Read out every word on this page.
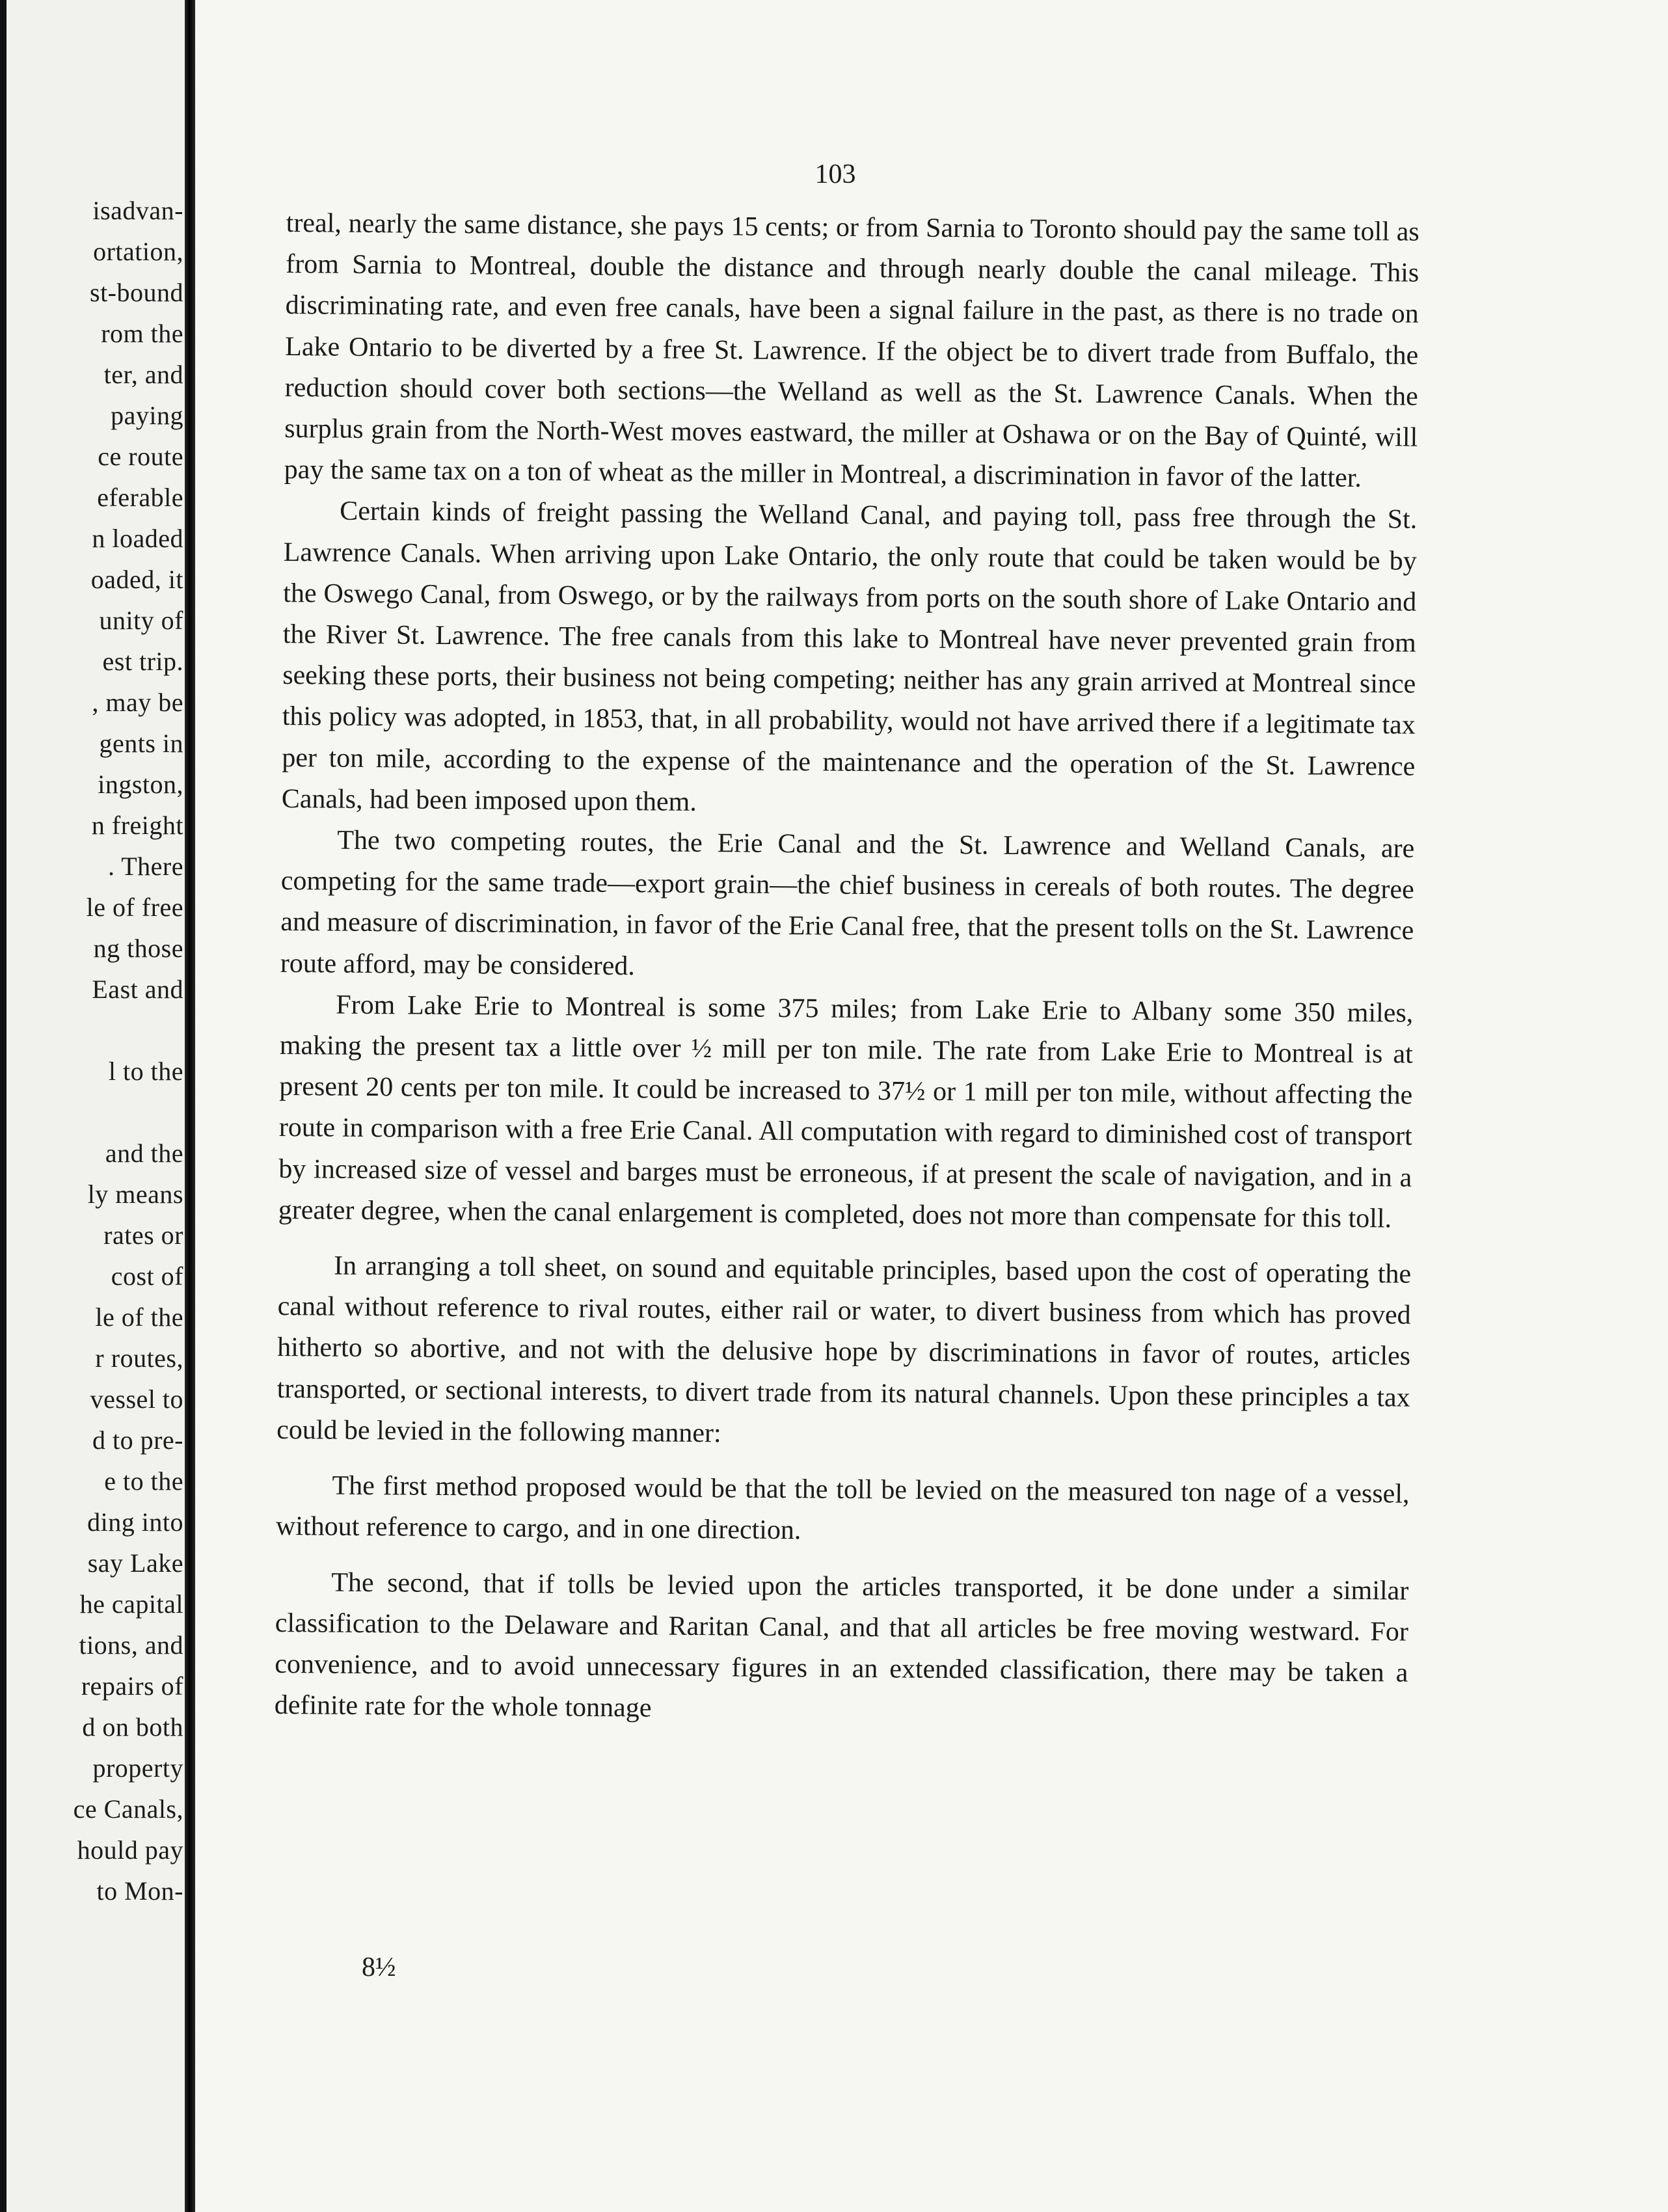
isadvan-
ortation,
st-bound
rom the
ter, and
paying
ce route
eferable
n loaded
oaded, it
unity of
est trip.
, may be
gents in
ingston,
n freight
. There
le of free
ng those
East and

l to the

and the
ly means
rates or
cost of
le of the
r routes,
vessel to
d to pre-
e to the
ding into
say Lake
he capital
tions, and
repairs of
d on both
property
ce Canals,
hould pay
to Mon-
103

treal, nearly the same distance, she pays 15 cents; or from Sarnia to Toronto should pay the same toll as from Sarnia to Montreal, double the distance and through nearly double the canal mileage. This discriminating rate, and even free canals, have been a signal failure in the past, as there is no trade on Lake Ontario to be diverted by a free St. Lawrence. If the object be to divert trade from Buffalo, the reduction should cover both sections—the Welland as well as the St. Lawrence Canals. When the surplus grain from the North-West moves eastward, the miller at Oshawa or on the Bay of Quinté, will pay the same tax on a ton of wheat as the miller in Montreal, a discrimination in favor of the latter.

Certain kinds of freight passing the Welland Canal, and paying toll, pass free through the St. Lawrence Canals. When arriving upon Lake Ontario, the only route that could be taken would be by the Oswego Canal, from Oswego, or by the railways from ports on the south shore of Lake Ontario and the River St. Lawrence. The free canals from this lake to Montreal have never prevented grain from seeking these ports, their business not being competing; neither has any grain arrived at Montreal since this policy was adopted, in 1853, that, in all probability, would not have arrived there if a legitimate tax per ton mile, according to the expense of the maintenance and the operation of the St. Lawrence Canals, had been imposed upon them.

The two competing routes, the Erie Canal and the St. Lawrence and Welland Canals, are competing for the same trade—export grain—the chief business in cereals of both routes. The degree and measure of discrimination, in favor of the Erie Canal free, that the present tolls on the St. Lawrence route afford, may be considered.

From Lake Erie to Montreal is some 375 miles; from Lake Erie to Albany some 350 miles, making the present tax a little over ½ mill per ton mile. The rate from Lake Erie to Montreal is at present 20 cents per ton mile. It could be increased to 37½ or 1 mill per ton mile, without affecting the route in comparison with a free Erie Canal. All computation with regard to diminished cost of transport by increased size of vessel and barges must be erroneous, if at present the scale of navigation, and in a greater degree, when the canal enlargement is completed, does not more than compensate for this toll.

In arranging a toll sheet, on sound and equitable principles, based upon the cost of operating the canal without reference to rival routes, either rail or water, to divert business from which has proved hitherto so abortive, and not with the delusive hope by discriminations in favor of routes, articles transported, or sectional interests, to divert trade from its natural channels. Upon these principles a tax could be levied in the following manner:

The first method proposed would be that the toll be levied on the measured ton nage of a vessel, without reference to cargo, and in one direction.

The second, that if tolls be levied upon the articles transported, it be done under a similar classification to the Delaware and Raritan Canal, and that all articles be free moving westward. For convenience, and to avoid unnecessary figures in an extended classification, there may be taken a definite rate for the whole tonnage

8½
